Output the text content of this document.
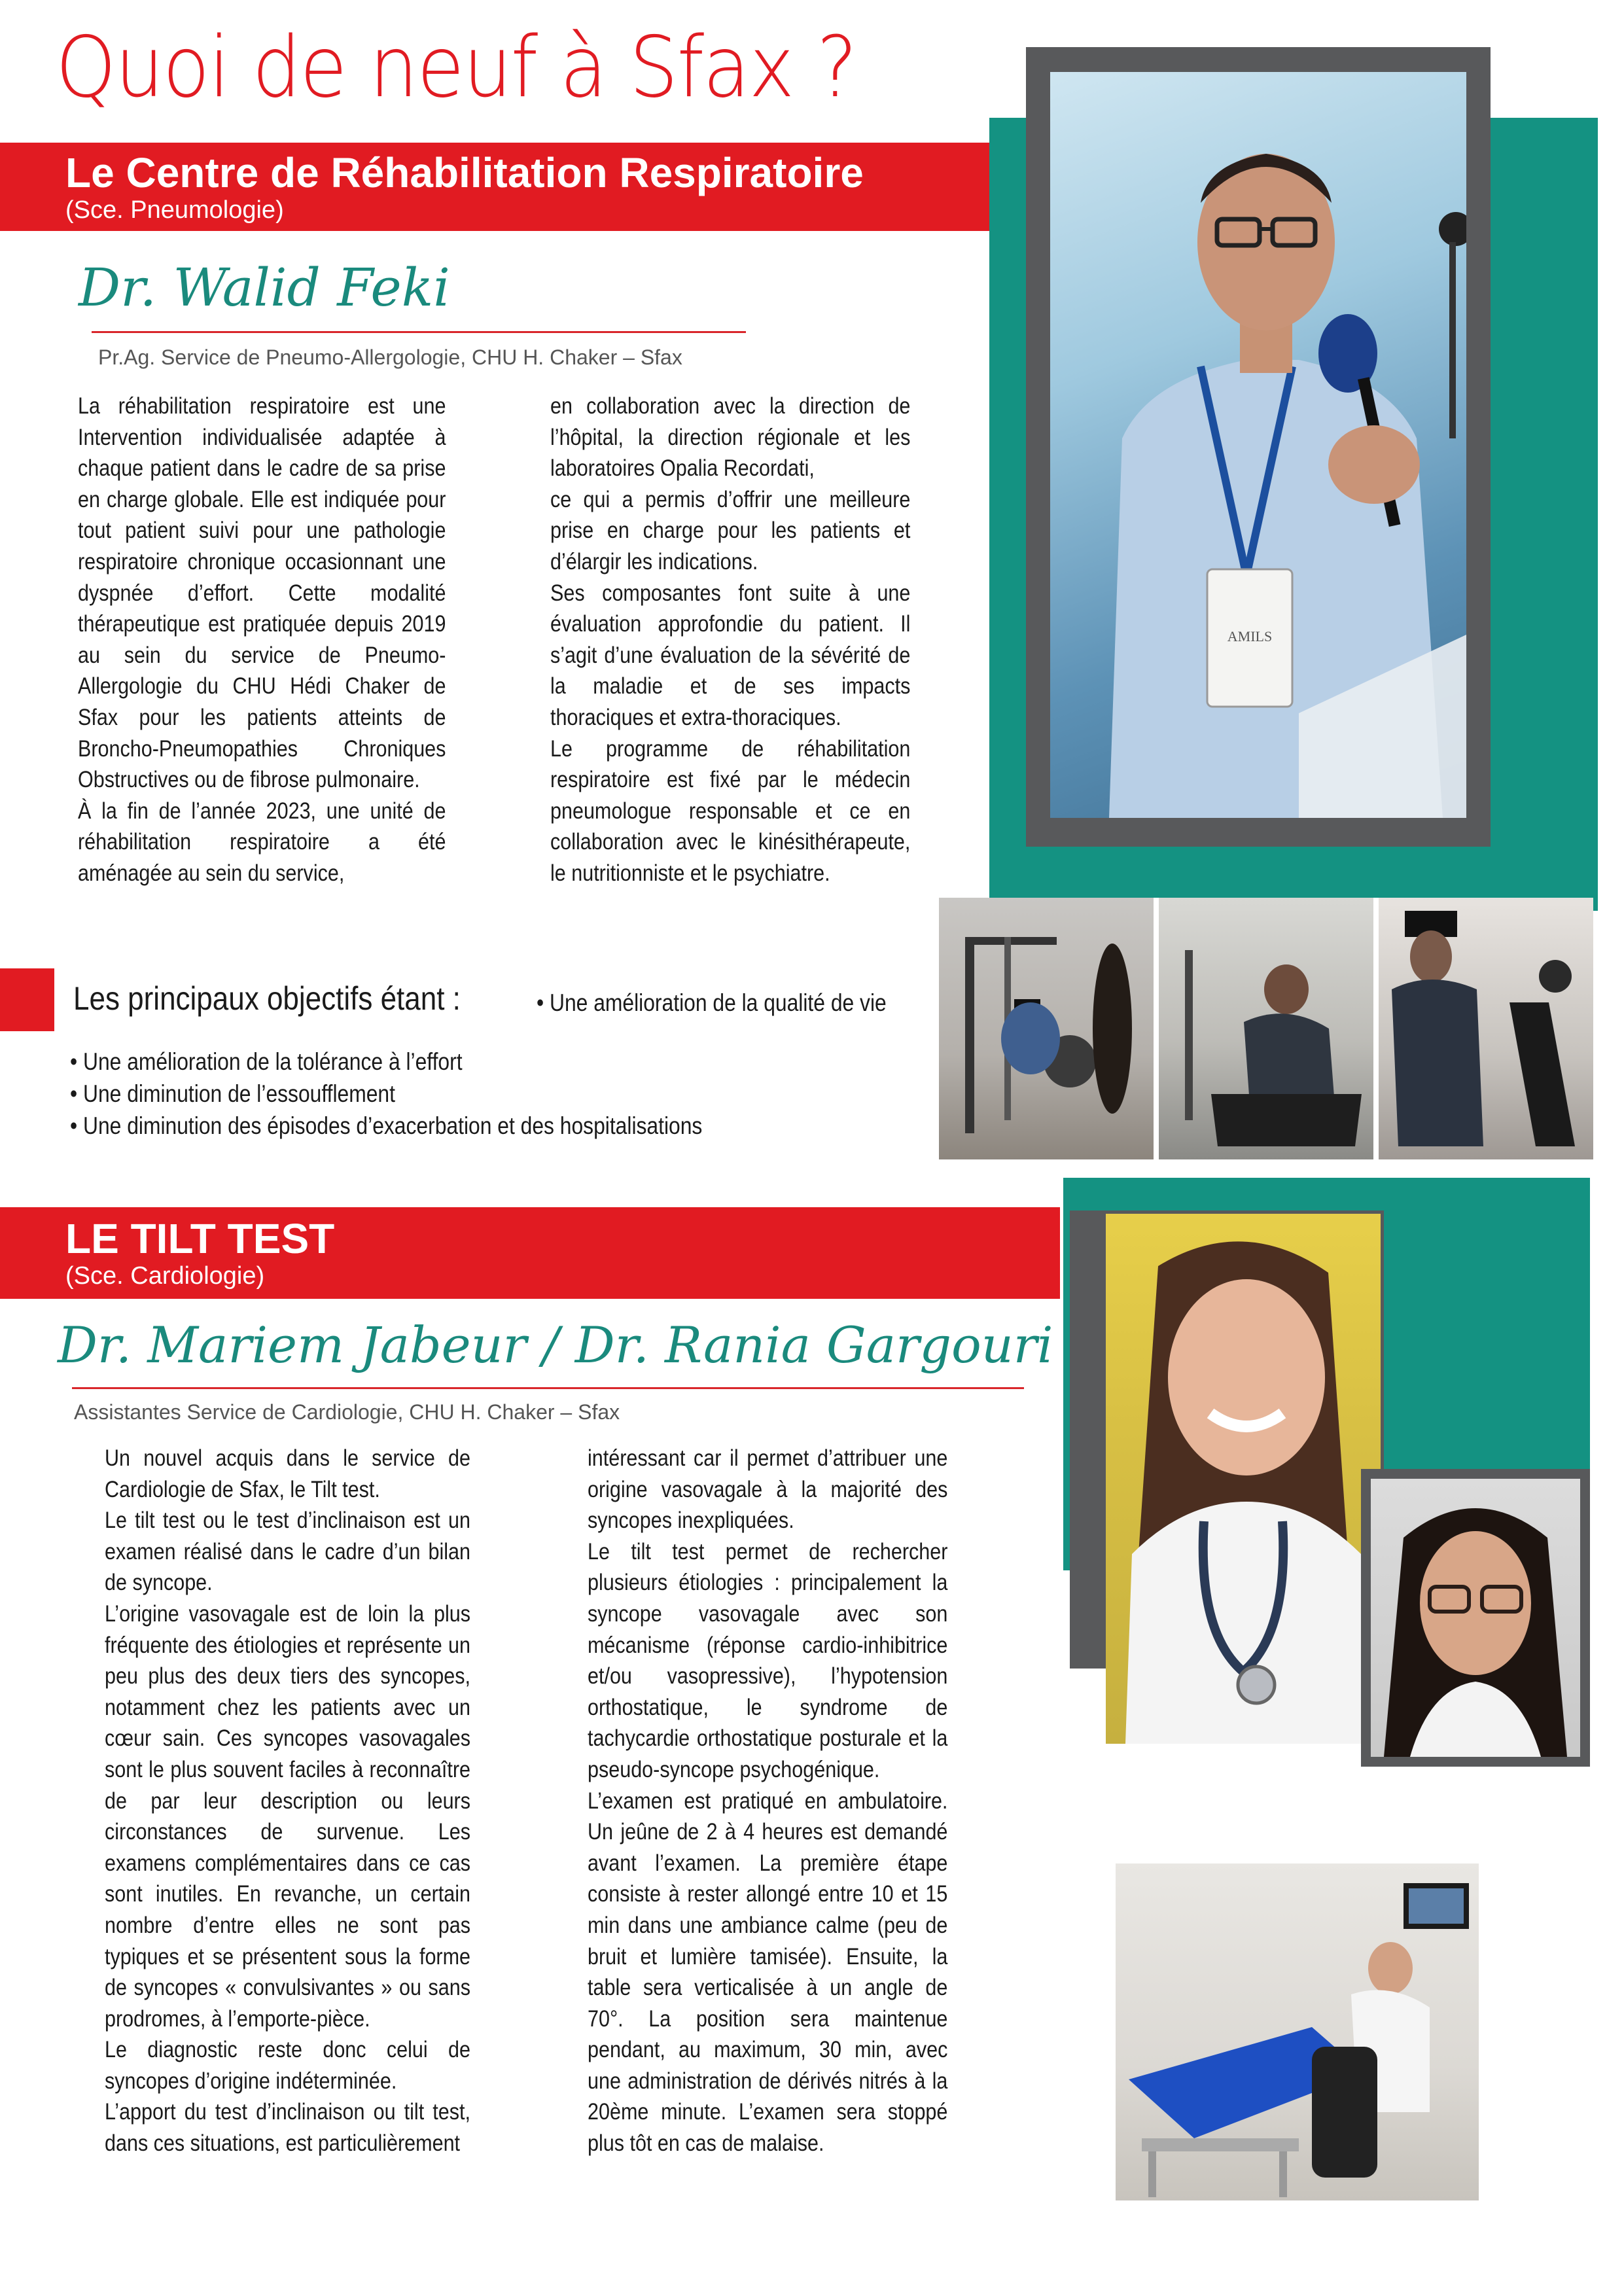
Quoi de neuf à Sfax ?
Le Centre de Réhabilitation Respiratoire
(Sce. Pneumologie)
Dr. Walid Feki
Pr.Ag. Service de Pneumo-Allergologie, CHU H. Chaker – Sfax
AMILS

La réhabilitation respiratoire est une Intervention individualisée adaptée à chaque patient dans le cadre de sa prise en charge globale. Elle est indiquée pour tout patient suivi pour une pathologie respiratoire chronique occasionnant une dyspnée d’effort. Cette modalité thérapeutique est pratiquée depuis 2019 au sein du service de Pneumo-Allergologie du CHU Hédi Chaker de Sfax pour les patients atteints de Broncho-Pneumopathies Chroniques Obstructives ou de fibrose pulmonaire.

À la fin de l’année 2023, une unité de réhabilitation respiratoire a été aménagée au sein du service,

en collaboration avec la direction de l’hôpital, la direction régionale et les laboratoires Opalia Recordati,

ce qui a permis d’offrir une meilleure prise en charge pour les patients et d’élargir les indications.

Ses composantes font suite à une évaluation approfondie du patient. Il s’agit d’une évaluation de la sévérité de la maladie et de ses impacts thoraciques et extra-thoraciques.

Le programme de réhabilitation respiratoire est fixé par le médecin pneumologue responsable et ce en collaboration avec le kinésithérapeute, le nutritionniste et le psychiatre.

Les principaux objectifs étant :	• Une amélioration de la qualité de vie
• Une amélioration de la tolérance à l’effort
• Une diminution de l’essoufflement
• Une diminution des épisodes d’exacerbation et des hospitalisations
LE TILT TEST
(Sce. Cardiologie)
Dr. Mariem Jabeur / Dr. Rania Gargouri
Assistantes Service de Cardiologie, CHU H. Chaker – Sfax

Un nouvel acquis dans le service de Cardiologie de Sfax, le Tilt test.

Le tilt test ou le test d’inclinaison est un examen réalisé dans le cadre d’un bilan de syncope.

L’origine vasovagale est de loin la plus fréquente des étiologies et représente un peu plus des deux tiers des syncopes, notamment chez les patients avec un cœur sain. Ces syncopes vasovagales sont le plus souvent faciles à reconnaître de par leur description ou leurs circonstances de survenue. Les examens complémentaires dans ce cas sont inutiles. En revanche, un certain nombre d’entre elles ne sont pas typiques et se présentent sous la forme de syncopes « convulsivantes » ou sans prodromes, à l’emporte-pièce.

Le diagnostic reste donc celui de syncopes d’origine indéterminée.

L’apport du test d’inclinaison ou tilt test, dans ces situations, est particulièrement

intéressant car il permet d’attribuer une origine vasovagale à la majorité des syncopes inexpliquées.

Le tilt test permet de rechercher plusieurs étiologies : principalement la syncope vasovagale avec son mécanisme (réponse cardio-inhibitrice et/ou vasopressive), l’hypotension orthostatique, le syndrome de tachycardie orthostatique posturale et la pseudo-syncope psychogénique.

L’examen est pratiqué en ambulatoire. Un jeûne de 2 à 4 heures est demandé avant l’examen. La première étape consiste à rester allongé entre 10 et 15 min dans une ambiance calme (peu de bruit et lumière tamisée). Ensuite, la table sera verticalisée à un angle de 70°. La position sera maintenue pendant, au maximum, 30 min, avec une administration de dérivés nitrés à la 20ème minute. L’examen sera stoppé plus tôt en cas de malaise.
